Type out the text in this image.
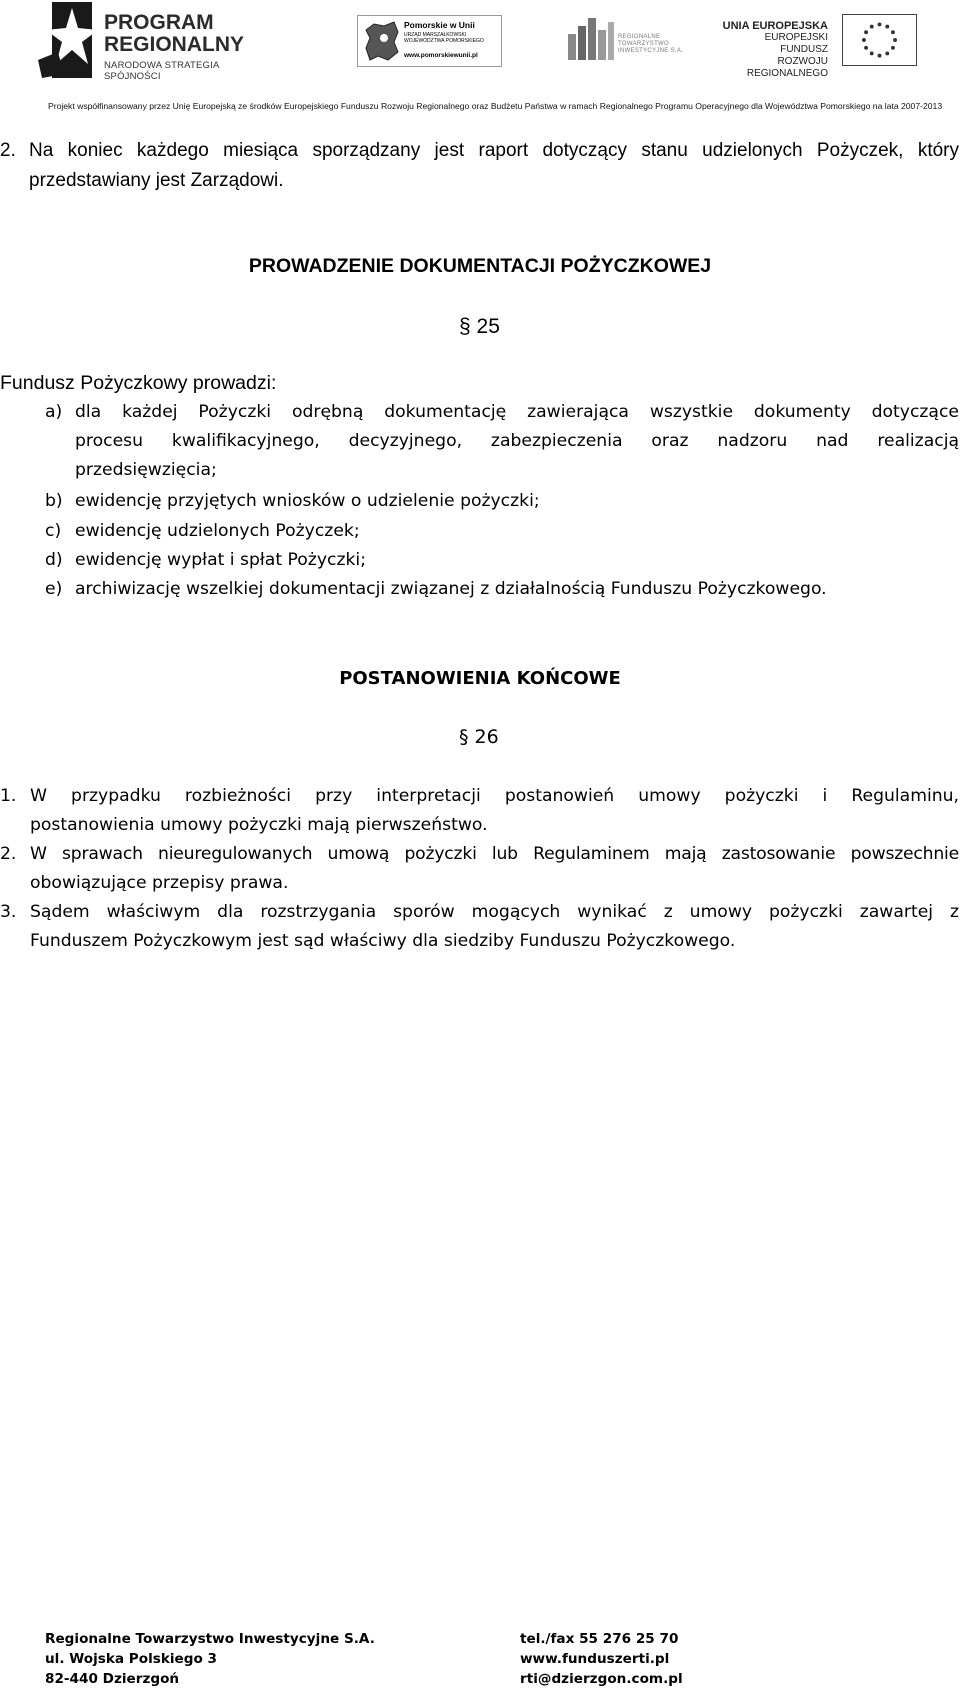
PROGRAM
REGIONALNY
NARODOWA STRATEGIA SPÓJNOŚCI
Pomorskie w Unii
URZĄD MARSZAŁKOWSKI WOJEWÓDZTWA POMORSKIEGO
www.pomorskiewunii.pl
REGIONALNE TOWARZYSTWO INWESTYCYJNE S.A.
UNIA EUROPEJSKA
EUROPEJSKI FUNDUSZ
ROZWOJU REGIONALNEGO
Projekt współfinansowany przez Unię Europejską ze środków Europejskiego Funduszu Rozwoju Regionalnego oraz Budżetu Państwa w ramach Regionalnego Programu Operacyjnego dla Województwa Pomorskiego na lata 2007-2013
2. Na koniec każdego miesiąca sporządzany jest raport dotyczący stanu udzielonych Pożyczek, który
przedstawiany jest Zarządowi.
PROWADZENIE DOKUMENTACJI POŻYCZKOWEJ
§ 25
Fundusz Pożyczkowy prowadzi:
a) dla każdej Pożyczki odrębną dokumentację zawierająca wszystkie dokumenty dotyczące
procesu kwalifikacyjnego, decyzyjnego, zabezpieczenia oraz nadzoru nad realizacją
przedsięwzięcia;
b) ewidencję przyjętych wniosków o udzielenie pożyczki;
c) ewidencję udzielonych Pożyczek;
d) ewidencję wypłat i spłat Pożyczki;
e) archiwizację wszelkiej dokumentacji związanej z działalnością Funduszu Pożyczkowego.
POSTANOWIENIA KOŃCOWE
§ 26
1. W przypadku rozbieżności przy interpretacji postanowień umowy pożyczki i Regulaminu,
postanowienia umowy pożyczki mają pierwszeństwo.
2. W sprawach nieuregulowanych umową pożyczki lub Regulaminem mają zastosowanie powszechnie
obowiązujące przepisy prawa.
3. Sądem właściwym dla rozstrzygania sporów mogących wynikać z umowy pożyczki zawartej z
Funduszem Pożyczkowym jest sąd właściwy dla siedziby Funduszu Pożyczkowego.
Regionalne Towarzystwo Inwestycyjne S.A.
ul. Wojska Polskiego 3
82-440 Dzierzgoń
tel./fax 55 276 25 70
www.funduszerti.pl
rti@dzierzgon.com.pl
